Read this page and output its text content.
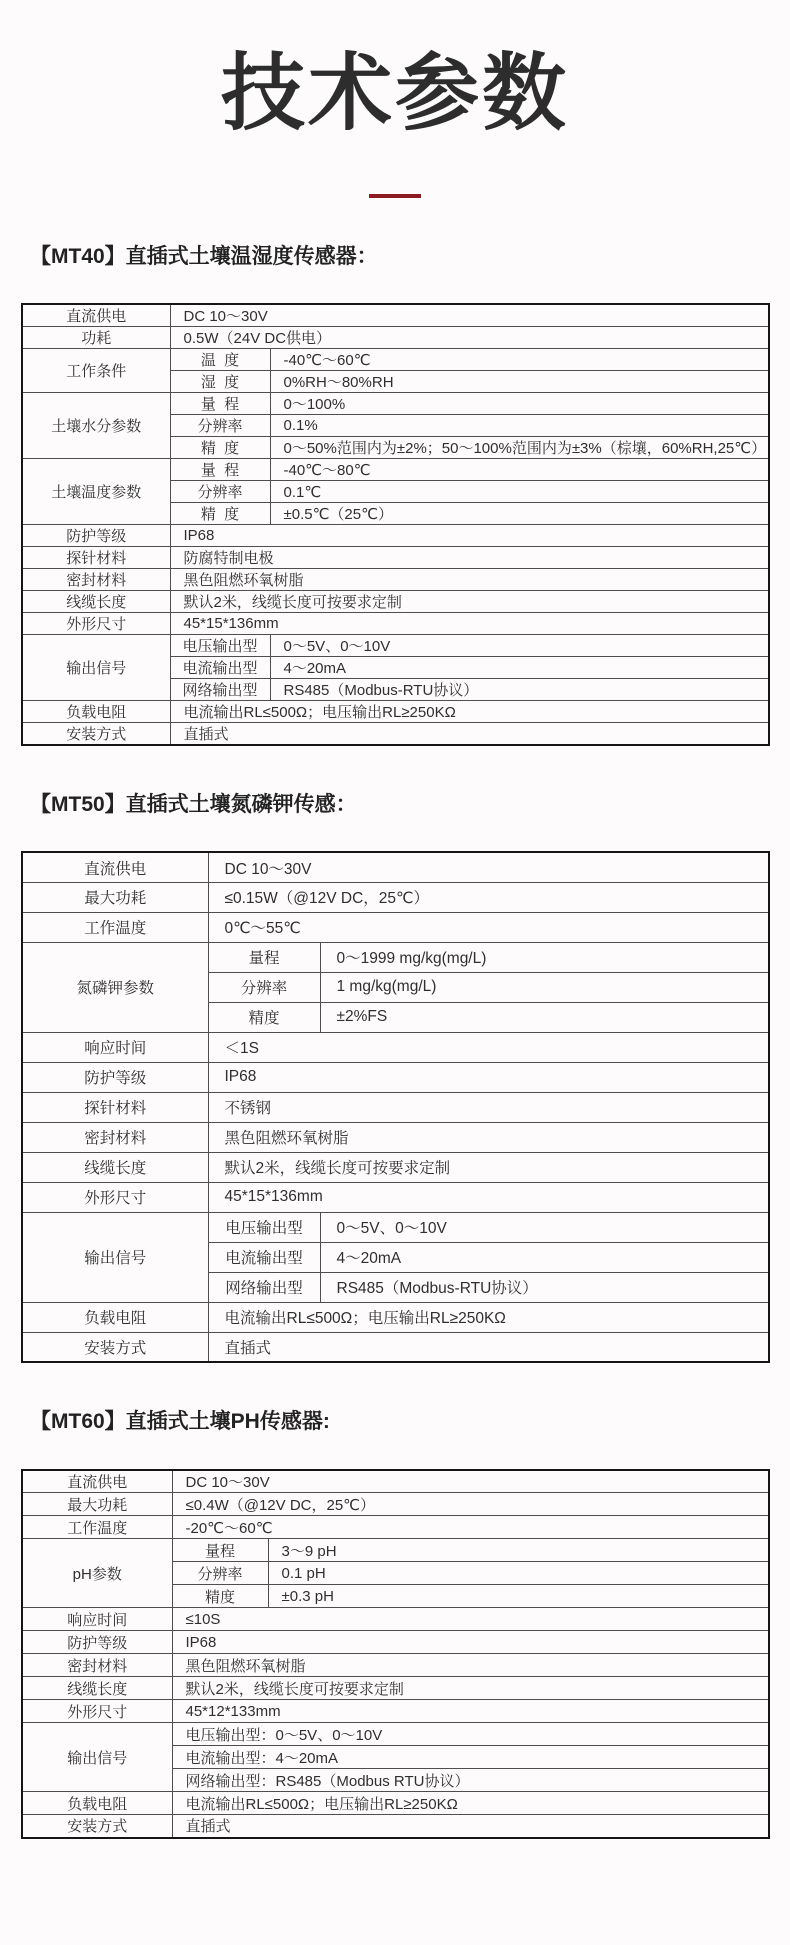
技术参数
【MT40】直插式土壤温湿度传感器：
直流供电	DC 10～30V	
功耗	0.5W（24V DC供电）	
工作条件	温  度	-40℃～60℃
	湿  度	0%RH～80%RH
土壤水分参数	量  程	0～100%
	分辨率	0.1%
	精  度	0～50%范围内为±2%；50～100%范围内为±3%（棕壤，60%RH,25℃）
土壤温度参数	量  程	-40℃～80℃
	分辨率	0.1℃
	精  度	±0.5℃（25℃）
防护等级	IP68	
探针材料	防腐特制电极	
密封材料	黑色阻燃环氧树脂	
线缆长度	默认2米，线缆长度可按要求定制	
外形尺寸	45*15*136mm	
输出信号	电压输出型	0～5V、0～10V
	电流输出型	4～20mA
	网络输出型	RS485（Modbus-RTU协议）
负载电阻	电流输出RL≤500Ω；电压输出RL≥250KΩ	
安装方式	直插式	
【MT50】直插式土壤氮磷钾传感：
直流供电	DC 10～30V	
最大功耗	≤0.15W（@12V DC，25℃）	
工作温度	0℃～55℃	
氮磷钾参数	量程	0～1999 mg/kg(mg/L)
	分辨率	1 mg/kg(mg/L)
	精度	±2%FS
响应时间	＜1S	
防护等级	IP68	
探针材料	不锈钢	
密封材料	黑色阻燃环氧树脂	
线缆长度	默认2米，线缆长度可按要求定制	
外形尺寸	45*15*136mm	
输出信号	电压输出型	0～5V、0～10V
	电流输出型	4～20mA
	网络输出型	RS485（Modbus-RTU协议）
负载电阻	电流输出RL≤500Ω；电压输出RL≥250KΩ	
安装方式	直插式	
【MT60】直插式土壤PH传感器:
直流供电	DC 10～30V	
最大功耗	≤0.4W（@12V DC，25℃）	
工作温度	-20℃～60℃	
pH参数	量程	3～9 pH
	分辨率	0.1 pH
	精度	±0.3 pH
响应时间	≤10S	
防护等级	IP68	
密封材料	黑色阻燃环氧树脂	
线缆长度	默认2米，线缆长度可按要求定制	
外形尺寸	45*12*133mm	
输出信号	电压输出型：0～5V、0～10V	
	电流输出型：4～20mA	
	网络输出型：RS485（Modbus RTU协议）	
负载电阻	电流输出RL≤500Ω；电压输出RL≥250KΩ	
安装方式	直插式	
